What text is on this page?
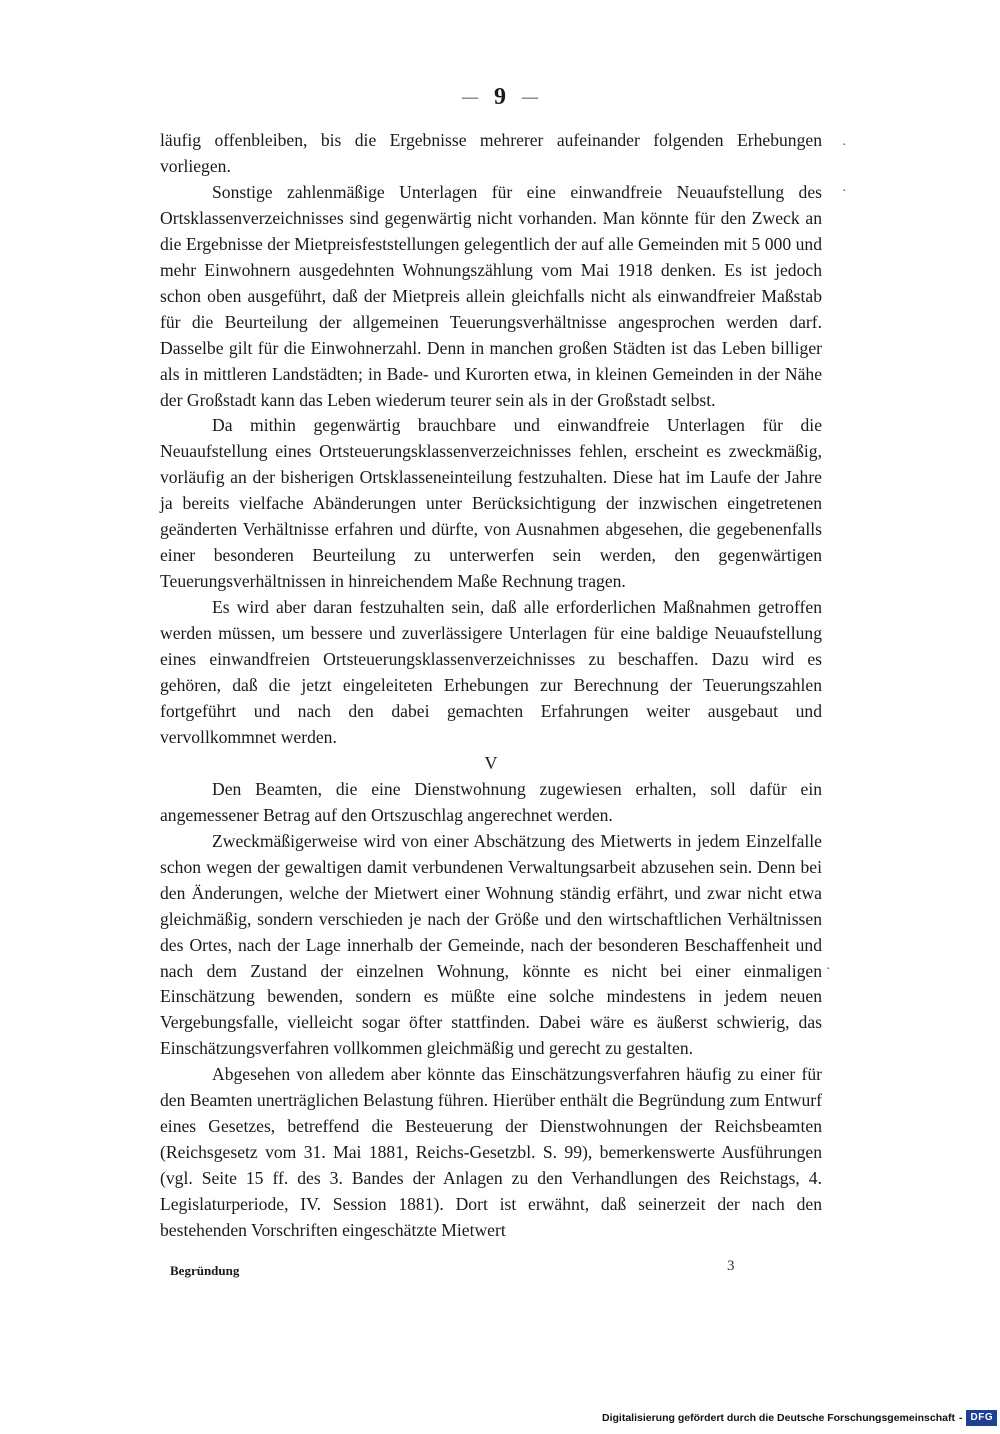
— 9 —

läufig offenbleiben, bis die Ergebnisse mehrerer aufeinander folgenden Erhebungen vorliegen.

Sonstige zahlenmäßige Unterlagen für eine einwandfreie Neuaufstellung des Ortsklassenverzeichnisses sind gegenwärtig nicht vorhanden. Man könnte für den Zweck an die Ergebnisse der Mietpreisfeststellungen gelegentlich der auf alle Gemeinden mit 5 000 und mehr Einwohnern ausgedehnten Wohnungszählung vom Mai 1918 denken. Es ist jedoch schon oben ausgeführt, daß der Mietpreis allein gleichfalls nicht als einwandfreier Maßstab für die Beurteilung der allgemeinen Teuerungsverhältnisse angesprochen werden darf. Dasselbe gilt für die Einwohnerzahl. Denn in manchen großen Städten ist das Leben billiger als in mittleren Landstädten; in Bade- und Kurorten etwa, in kleinen Gemeinden in der Nähe der Großstadt kann das Leben wiederum teurer sein als in der Großstadt selbst.

Da mithin gegenwärtig brauchbare und einwandfreie Unterlagen für die Neuaufstellung eines Ortsteuerungsklassenverzeichnisses fehlen, erscheint es zweckmäßig, vorläufig an der bisherigen Ortsklasseneinteilung festzuhalten. Diese hat im Laufe der Jahre ja bereits vielfache Abänderungen unter Berücksichtigung der inzwischen eingetretenen geänderten Verhältnisse erfahren und dürfte, von Ausnahmen abgesehen, die gegebenenfalls einer besonderen Beurteilung zu unterwerfen sein werden, den gegenwärtigen Teuerungsverhältnissen in hinreichendem Maße Rechnung tragen.

Es wird aber daran festzuhalten sein, daß alle erforderlichen Maßnahmen getroffen werden müssen, um bessere und zuverlässigere Unterlagen für eine baldige Neuaufstellung eines einwandfreien Ortsteuerungsklassenverzeichnisses zu beschaffen. Dazu wird es gehören, daß die jetzt eingeleiteten Erhebungen zur Berechnung der Teuerungszahlen fortgeführt und nach den dabei gemachten Erfahrungen weiter ausgebaut und vervollkommnet werden.

V

Den Beamten, die eine Dienstwohnung zugewiesen erhalten, soll dafür ein angemessener Betrag auf den Ortszuschlag angerechnet werden.

Zweckmäßigerweise wird von einer Abschätzung des Mietwerts in jedem Einzelfalle schon wegen der gewaltigen damit verbundenen Verwaltungsarbeit abzusehen sein. Denn bei den Änderungen, welche der Mietwert einer Wohnung ständig erfährt, und zwar nicht etwa gleichmäßig, sondern verschieden je nach der Größe und den wirtschaftlichen Verhältnissen des Ortes, nach der Lage innerhalb der Gemeinde, nach der besonderen Beschaffenheit und nach dem Zustand der einzelnen Wohnung, könnte es nicht bei einer einmaligen Einschätzung bewenden, sondern es müßte eine solche mindestens in jedem neuen Vergebungsfalle, vielleicht sogar öfter stattfinden. Dabei wäre es äußerst schwierig, das Einschätzungsverfahren vollkommen gleichmäßig und gerecht zu gestalten.

Abgesehen von alledem aber könnte das Einschätzungsverfahren häufig zu einer für den Beamten unerträglichen Belastung führen. Hierüber enthält die Begründung zum Entwurf eines Gesetzes, betreffend die Besteuerung der Dienstwohnungen der Reichsbeamten (Reichsgesetz vom 31. Mai 1881, Reichs-Gesetzbl. S. 99), bemerkenswerte Ausführungen (vgl. Seite 15 ff. des 3. Bandes der Anlagen zu den Verhandlungen des Reichstags, 4. Legislaturperiode, IV. Session 1881). Dort ist erwähnt, daß seinerzeit der nach den bestehenden Vorschriften eingeschätzte Mietwert

·
·
·
Begründung	3
Digitalisierung gefördert durch die Deutsche Forschungsgemeinschaft - DFG
